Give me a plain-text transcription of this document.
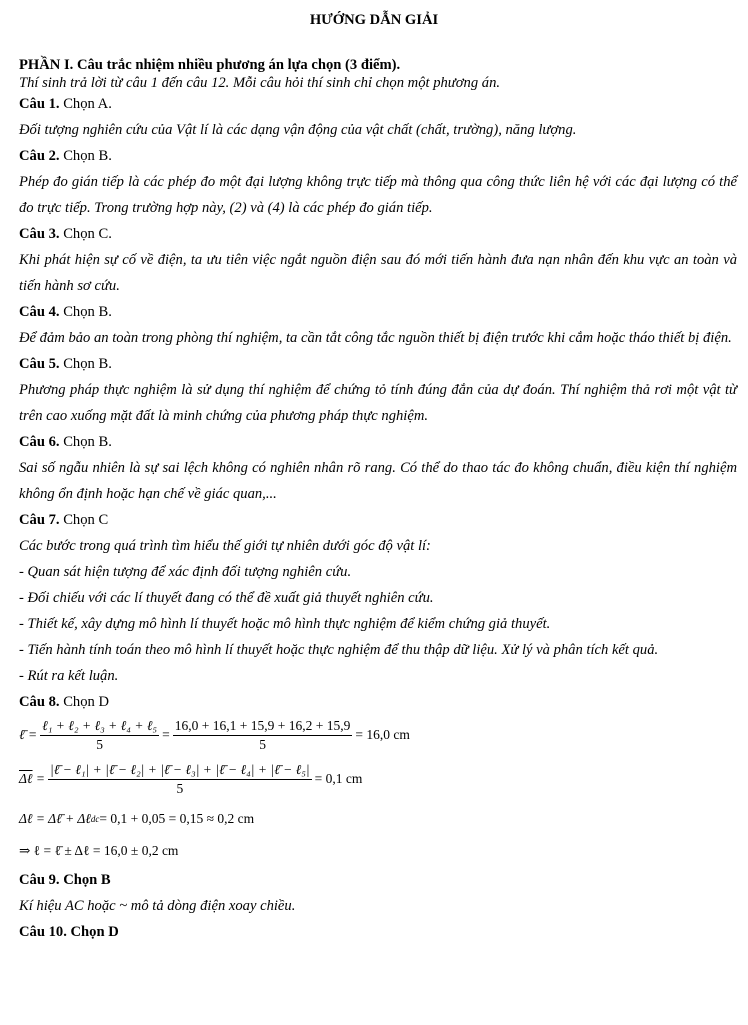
HƯỚNG DẪN GIẢI
PHẦN I. Câu trắc nhiệm nhiều phương án lựa chọn (3 điểm).
Thí sinh trả lời từ câu 1 đến câu 12. Mỗi câu hỏi thí sinh chỉ chọn một phương án.
Câu 1. Chọn A.
Đối tượng nghiên cứu của Vật lí là các dạng vận động của vật chất (chất, trường), năng lượng.
Câu 2. Chọn B.
Phép đo gián tiếp là các phép đo một đại lượng không trực tiếp mà thông qua công thức liên hệ với các đại lượng có thể đo trực tiếp. Trong trường hợp này, (2) và (4) là các phép đo gián tiếp.
Câu 3. Chọn C.
Khi phát hiện sự cố về điện, ta ưu tiên việc ngắt nguồn điện sau đó mới tiến hành đưa nạn nhân đến khu vực an toàn và tiến hành sơ cứu.
Câu 4. Chọn B.
Để đảm bảo an toàn trong phòng thí nghiệm, ta cần tắt công tắc nguồn thiết bị điện trước khi cắm hoặc tháo thiết bị điện.
Câu 5. Chọn B.
Phương pháp thực nghiệm là sử dụng thí nghiệm để chứng tỏ tính đúng đắn của dự đoán. Thí nghiệm thả rơi một vật từ trên cao xuống mặt đất là minh chứng của phương pháp thực nghiệm.
Câu 6. Chọn B.
Sai số ngẫu nhiên là sự sai lệch không có nghiên nhân rõ rang. Có thể do thao tác đo không chuẩn, điều kiện thí nghiệm không ổn định hoặc hạn chế về giác quan,...
Câu 7. Chọn C
Các bước trong quá trình tìm hiểu thế giới tự nhiên dưới góc độ vật lí:
- Quan sát hiện tượng để xác định đối tượng nghiên cứu.
- Đối chiếu với các lí thuyết đang có thể đề xuất giả thuyết nghiên cứu.
- Thiết kế, xây dựng mô hình lí thuyết hoặc mô hình thực nghiệm để kiểm chứng giả thuyết.
- Tiến hành tính toán theo mô hình lí thuyết hoặc thực nghiệm để thu thập dữ liệu. Xử lý và phân tích kết quả.
- Rút ra kết luận.
Câu 8. Chọn D
ℓ̄ = $\frac{\text{ℓ₁ + ℓ₂ + ℓ₃ + ℓ₄ + ℓ₅}}{5} = \frac{16,0 + 16,1 + 15,9 + 16,2 + 15,9}{5} = 16,0$ cm
Δℓ = $\frac{\text{|ℓ̄ − ℓ₁| + |ℓ̄ − ℓ₂| + |ℓ̄ − ℓ₃| + |ℓ̄ − ℓ₄| + |ℓ̄ − ℓ₅|}}{5} = 0,1$ cm
Δℓ = Δℓ̄ + Δℓ dc = 0,1 + 0,05 = 0,15 ≈ 0,2 cm
⇒ ℓ = ℓ̄ ± Δℓ = 16,0 ± 0,2 cm
Câu 9. Chọn B
Kí hiệu AC hoặc ~ mô tả dòng điện xoay chiều.
Câu 10. Chọn D
